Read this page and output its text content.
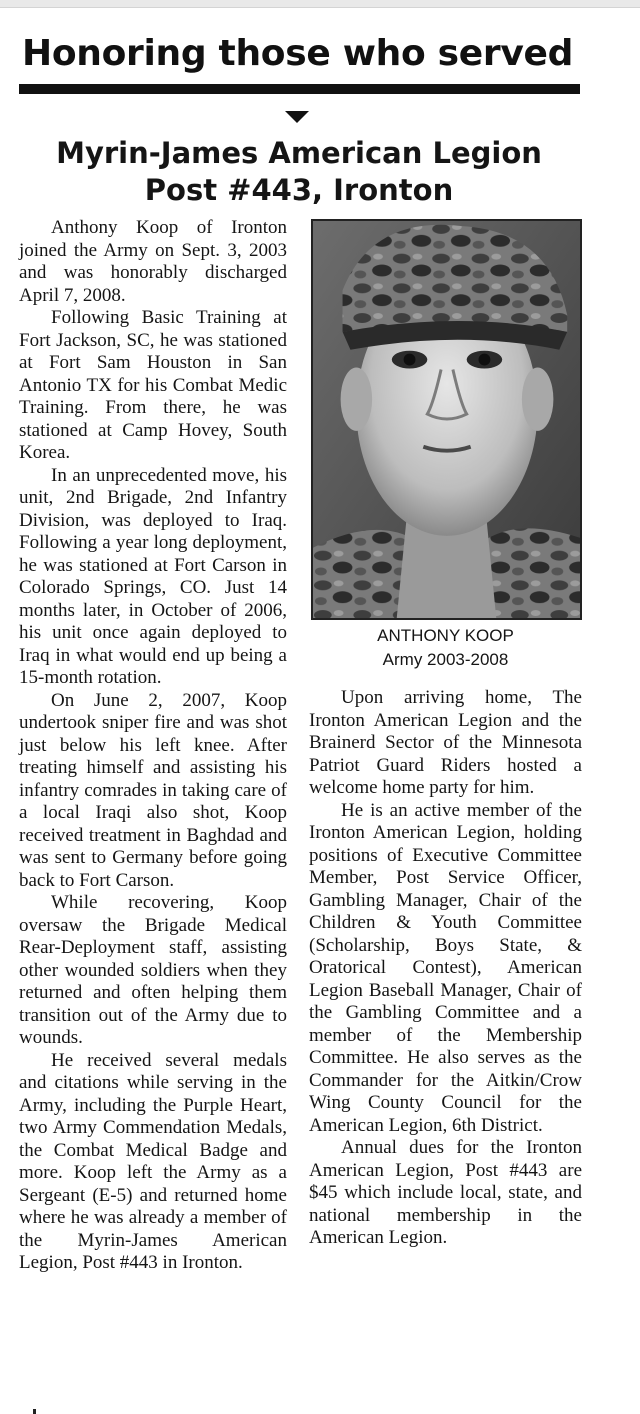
Honoring those who served
Myrin-James American Legion
Post #443, Ironton

Anthony Koop of Ironton joined the Army on Sept. 3, 2003 and was honorably discharged April 7, 2008.

Following Basic Training at Fort Jackson, SC, he was stationed at Fort Sam Houston in San Antonio TX for his Combat Medic Training. From there, he was stationed at Camp Hovey, South Korea.

In an unprecedented move, his unit, 2nd Brigade, 2nd Infantry Division, was deployed to Iraq. Following a year long deployment, he was stationed at Fort Carson in Colorado Springs, CO. Just 14 months later, in October of 2006, his unit once again deployed to Iraq in what would end up being a 15-month rotation.

On June 2, 2007, Koop undertook sniper fire and was shot just below his left knee. After treating himself and assisting his infantry comrades in taking care of a local Iraqi also shot, Koop received treatment in Baghdad and was sent to Germany before going back to Fort Carson.

While recovering, Koop oversaw the Brigade Medical Rear-Deployment staff, assisting other wounded soldiers when they returned and often helping them transition out of the Army due to wounds.

He received several medals and citations while serving in the Army, including the Purple Heart, two Army Commendation Medals, the Combat Medical Badge and more. Koop left the Army as a Sergeant (E-5) and returned home where he was already a member of the Myrin-James American Legion, Post #443 in Ironton.

ANTHONY KOOP
Army 2003-2008

Upon arriving home, The Ironton American Legion and the Brainerd Sector of the Minnesota Patriot Guard Riders hosted a welcome home party for him.

He is an active member of the Ironton American Legion, holding positions of Executive Committee Member, Post Service Officer, Gambling Manager, Chair of the Children & Youth Committee (Scholarship, Boys State, & Oratorical Contest), American Legion Baseball Manager, Chair of the Gambling Committee and a member of the Membership Committee. He also serves as the Commander for the Aitkin/Crow Wing County Council for the American Legion, 6th District.

Annual dues for the Ironton American Legion, Post #443 are $45 which include local, state, and national membership in the American Legion.
